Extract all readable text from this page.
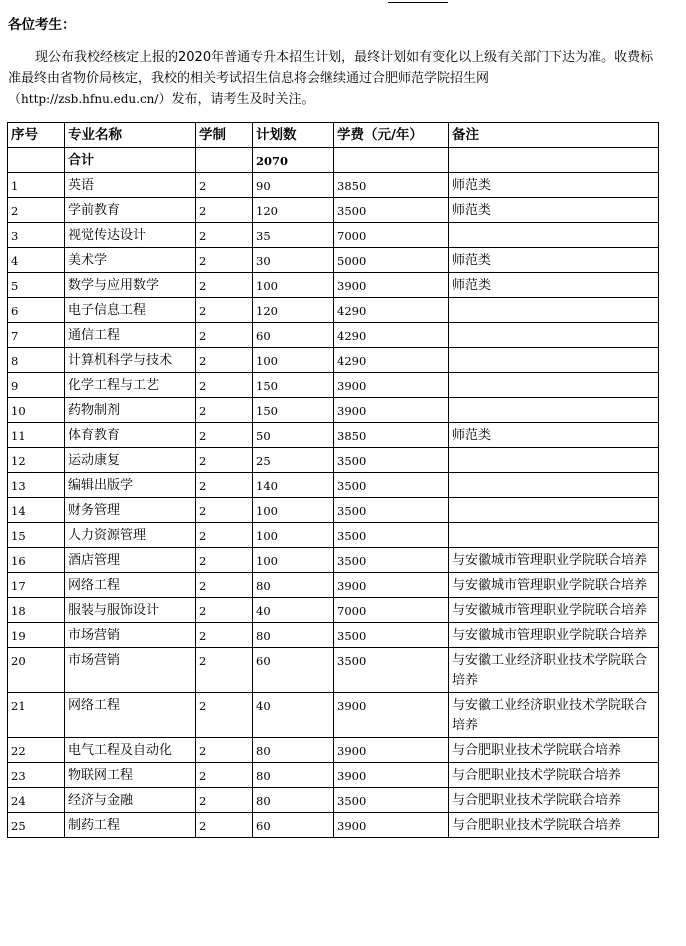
各位考生：
现公布我校经核定上报的2020年普通专升本招生计划，最终计划如有变化以上级有关部门下达为准。收费标
准最终由省物价局核定，我校的相关考试招生信息将会继续通过合肥师范学院招生网
（http://zsb.hfnu.edu.cn/）发布，请考生及时关注。
序号	专业名称	学制	计划数	学费（元/年）	备注
	合计		2070		
1	英语	2	90	3850	师范类
2	学前教育	2	120	3500	师范类
3	视觉传达设计	2	35	7000	
4	美术学	2	30	5000	师范类
5	数学与应用数学	2	100	3900	师范类
6	电子信息工程	2	120	4290	
7	通信工程	2	60	4290	
8	计算机科学与技术	2	100	4290	
9	化学工程与工艺	2	150	3900	
10	药物制剂	2	150	3900	
11	体育教育	2	50	3850	师范类
12	运动康复	2	25	3500	
13	编辑出版学	2	140	3500	
14	财务管理	2	100	3500	
15	人力资源管理	2	100	3500	
16	酒店管理	2	100	3500	与安徽城市管理职业学院联合培养
17	网络工程	2	80	3900	与安徽城市管理职业学院联合培养
18	服装与服饰设计	2	40	7000	与安徽城市管理职业学院联合培养
19	市场营销	2	80	3500	与安徽城市管理职业学院联合培养
20	市场营销	2	60	3500	与安徽工业经济职业技术学院联合培养
21	网络工程	2	40	3900	与安徽工业经济职业技术学院联合培养
22	电气工程及自动化	2	80	3900	与合肥职业技术学院联合培养
23	物联网工程	2	80	3900	与合肥职业技术学院联合培养
24	经济与金融	2	80	3500	与合肥职业技术学院联合培养
25	制药工程	2	60	3900	与合肥职业技术学院联合培养
